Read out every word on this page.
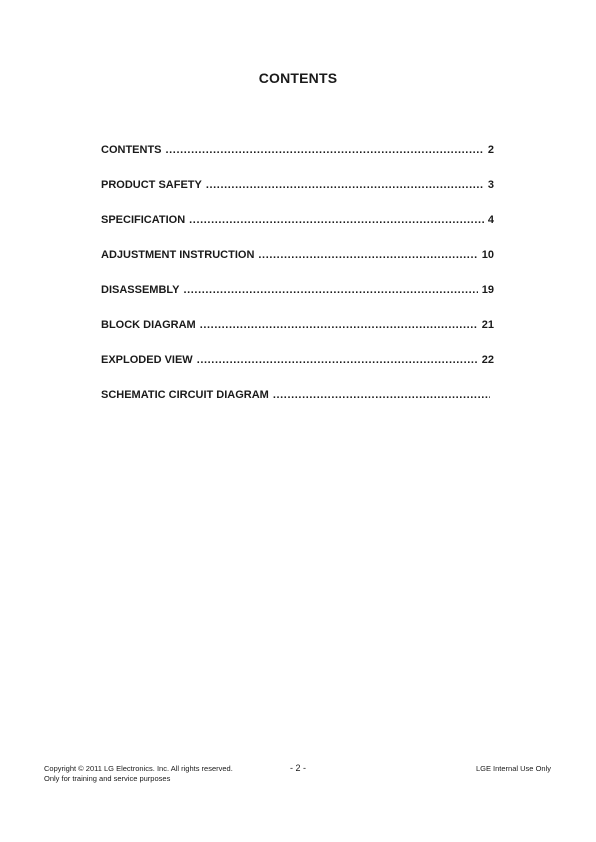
CONTENTS
CONTENTS .....	2
PRODUCT SAFETY .....	3
SPECIFICATION .....	4
ADJUSTMENT INSTRUCTION .....	10
DISASSEMBLY .....	19
BLOCK DIAGRAM .....	21
EXPLODED VIEW .....	22
SCHEMATIC CIRCUIT DIAGRAM
.....
Copyright © 2011 LG Electronics. Inc. All rights reserved.
Only for training and service purposes
- 2 -	LGE Internal Use Only
